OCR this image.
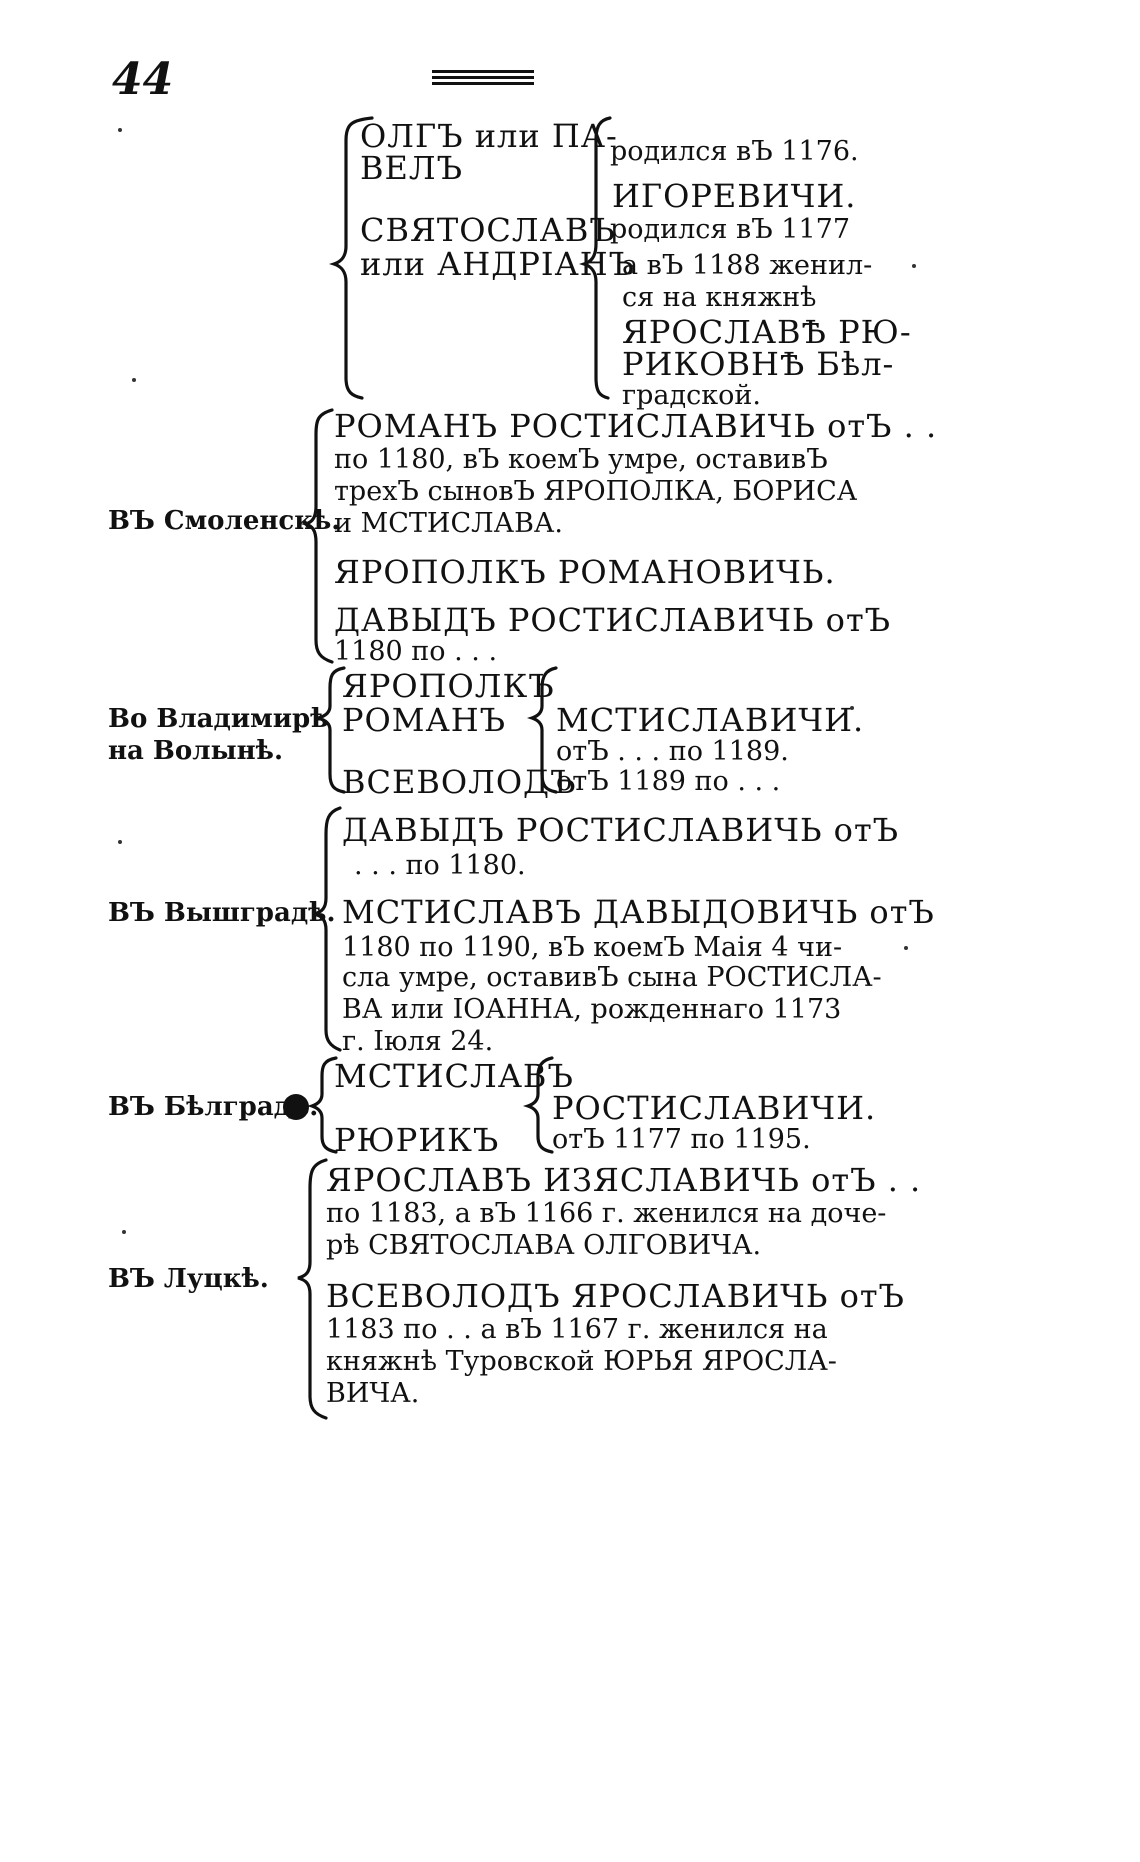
44
ОЛГЪ или ПА-
ВЕЛЪ
СВЯТОСЛАВЪ
или АНДРІАНЪ
родился вЪ 1176.
ИГОРЕВИЧИ.
родился вЪ 1177
а вЪ 1188 женил-
ся на княжнѣ
ЯРОСЛАВѢ РЮ-
РИКОВНѢ Бѣл-
градской.
ВЪ Смоленскѣ.
РОМАНЪ РОСТИСЛАВИЧЬ отЪ . .
по 1180, вЪ коемЪ умре, оставивЪ
трехЪ сыновЪ ЯРОПОЛКА, БОРИСА
и МСТИСЛАВА.
ЯРОПОЛКЪ РОМАНОВИЧЬ.
ДАВЫДЪ РОСТИСЛАВИЧЬ отЪ
1180 по . . .
Во Владимирѣ
на Волынѣ.
ЯРОПОЛКЪ
РОМАНЪ
ВСЕВОЛОДЪ
МСТИСЛАВИЧИ.
отЪ . . . по 1189.
отЪ 1189 по . . .
ВЪ Вышградѣ.
ДАВЫДЪ РОСТИСЛАВИЧЬ отЪ
. . . по 1180.
МСТИСЛАВЪ ДАВЫДОВИЧЬ отЪ
1180 по 1190, вЪ коемЪ Маія 4 чи-
сла умре, оставивЪ сына РОСТИСЛА-
ВА или ІОАННА, рожденнаго 1173
г. Іюля 24.
ВЪ Бѣлградѣ.
МСТИСЛАВЪ
РЮРИКЪ
РОСТИСЛАВИЧИ.
отЪ 1177 по 1195.
ВЪ Луцкѣ.
ЯРОСЛАВЪ ИЗЯСЛАВИЧЬ отЪ . .
по 1183, а вЪ 1166 г. женился на доче-
рѣ СВЯТОСЛАВА ОЛГОВИЧА.
ВСЕВОЛОДЪ ЯРОСЛАВИЧЬ отЪ
1183 по . . а вЪ 1167 г. женился на
княжнѣ Туровской ЮРЬЯ ЯРОСЛА-
ВИЧА.
